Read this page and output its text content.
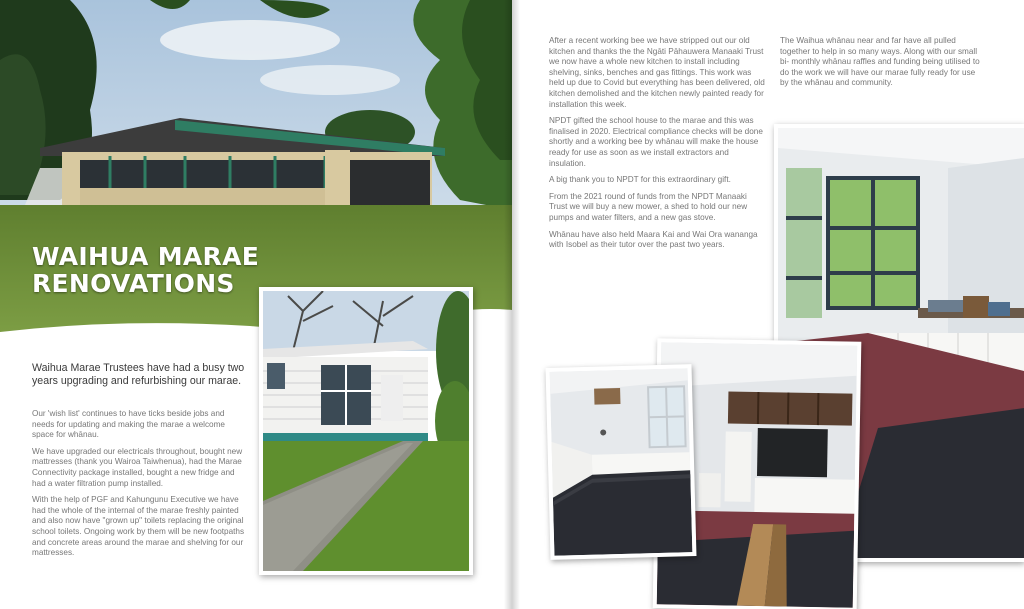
WAIHUA MARAE
RENOVATIONS

Waihua Marae Trustees have had a busy two years upgrading and refurbishing our marae.

Our 'wish list' continues to have ticks beside jobs and needs for updating and making the marae a welcome space for whānau.

We have upgraded our electricals throughout, bought new mattresses (thank you Wairoa Taiwhenua), had the Marae Connectivity package installed, bought a new fridge and had a water filtration pump installed.

With the help of PGF and Kahungunu Executive we have had the whole of the internal of the marae freshly painted and also now have "grown up" toilets replacing the original school toilets. Ongoing work by them will be new footpaths and concrete areas around the marae and shelving for our mattresses.

After a recent working bee we have stripped out our old kitchen and thanks the the Ngāti Pāhauwera Manaaki Trust we now have a whole new kitchen to install including shelving, sinks, benches and gas fittings. This work was held up due to Covid but everything has been delivered, old kitchen demolished and the kitchen newly painted ready for installation this week.

NPDT gifted the school house to the marae and this was finalised in 2020. Electrical compliance checks will be done shortly and a working bee by whānau will make the house ready for use as soon as we install extractors and insulation.

A big thank you to NPDT for this extraordinary gift.

From the 2021 round of funds from the NPDT Manaaki Trust we will buy a new mower, a shed to hold our new pumps and water filters, and a new gas stove.

Whānau have also held Maara Kai and Wai Ora wananga with Isobel as their tutor over the past two years.

The Waihua whānau near and far have all pulled together to help in so many ways. Along with our small bi- monthly whānau raffles and funding being utilised to do the work we will have our marae fully ready for use by the whānau and community.
